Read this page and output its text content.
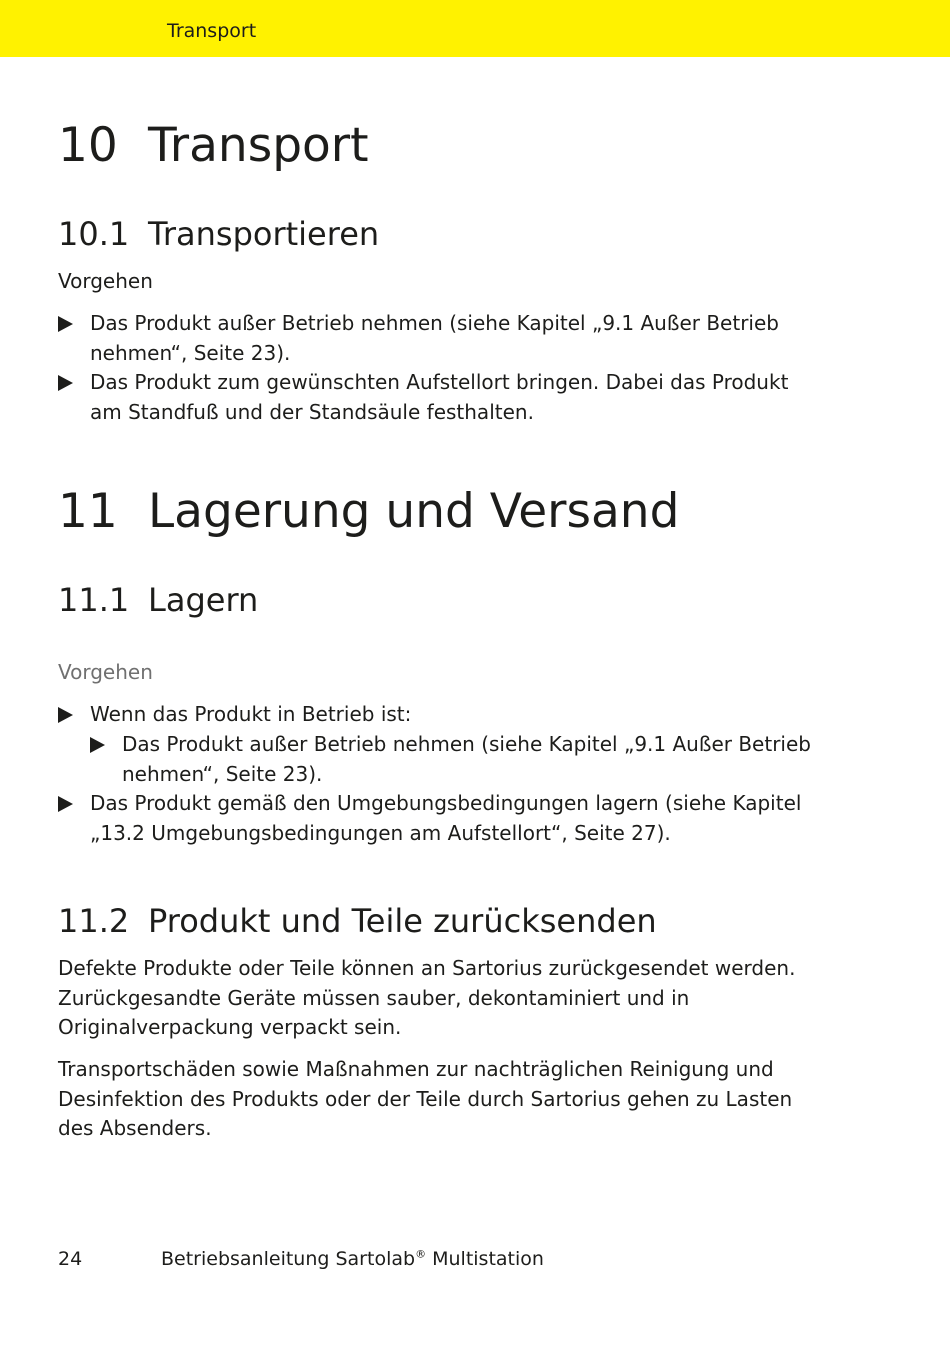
Transport
10 Transport
10.1 Transportieren
Vorgehen
Das Produkt außer Betrieb nehmen (siehe Kapitel „9.1 Außer Betrieb nehmen“, Seite 23).
Das Produkt zum gewünschten Aufstellort bringen. Dabei das Produkt am Standfuß und der Standsäule festhalten.
11 Lagerung und Versand
11.1 Lagern
Vorgehen
Wenn das Produkt in Betrieb ist:
Das Produkt außer Betrieb nehmen (siehe Kapitel „9.1 Außer Betrieb nehmen“, Seite 23).
Das Produkt gemäß den Umgebungsbedingungen lagern (siehe Kapitel „13.2 Umgebungsbedingungen am Aufstellort“, Seite 27).
11.2 Produkt und Teile zurücksenden
Defekte Produkte oder Teile können an Sartorius zurückgesendet werden. Zurückgesandte Geräte müssen sauber, dekontaminiert und in Originalverpackung verpackt sein.
Transportschäden sowie Maßnahmen zur nachträglichen Reinigung und Desinfektion des Produkts oder der Teile durch Sartorius gehen zu Lasten des Absenders.
24	Betriebsanleitung Sartolab® Multistation
